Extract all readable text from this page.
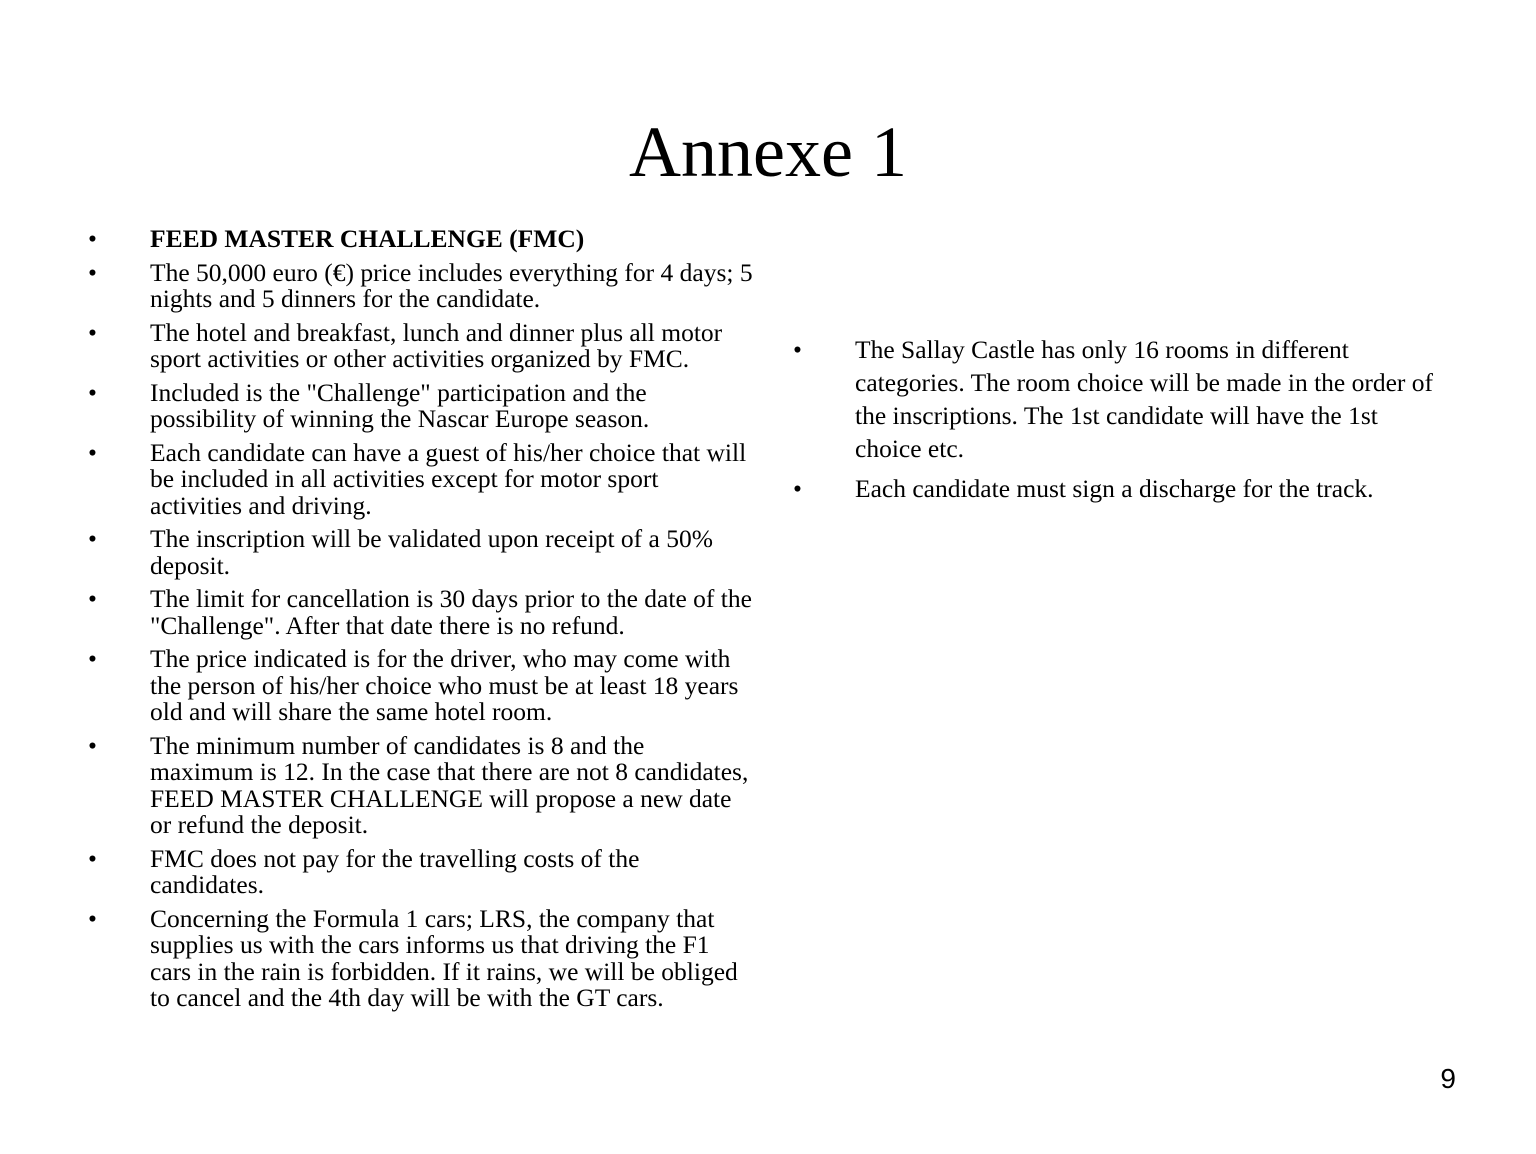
Annexe 1
•	FEED MASTER CHALLENGE (FMC)
•	The 50,000 euro (€) price includes everything for 4 days; 5 nights and 5 dinners for the candidate.
•	The hotel and breakfast, lunch and dinner plus all motor sport activities or other activities organized by FMC.
•	Included is the "Challenge" participation and the possibility of winning the Nascar Europe season.
•	Each candidate can have a guest of his/her choice that will be included in all activities except for motor sport activities and driving.
•	The inscription will be validated upon receipt of a 50% deposit.
•	The limit for cancellation is 30 days prior to the date of the "Challenge". After that date there is no refund.
•	The price indicated is for the driver, who may come with the person of his/her choice who must be at least 18 years old and will share the same hotel room.
•	The minimum number of candidates is 8 and the maximum is 12. In the case that there are not 8 candidates, FEED MASTER CHALLENGE will propose a new date or refund the deposit.
•	FMC does not pay for the travelling costs of the candidates.
•	Concerning the Formula 1 cars; LRS, the company that supplies us with the cars informs us that driving the F1 cars in the rain is forbidden. If it rains, we will be obliged to cancel and the 4th day will be with the GT cars.
•	The Sallay Castle has only 16 rooms in different categories. The room choice will be made in the order of the inscriptions. The 1st candidate will have the 1st choice etc.
•	Each candidate must sign a discharge for the track.
9
